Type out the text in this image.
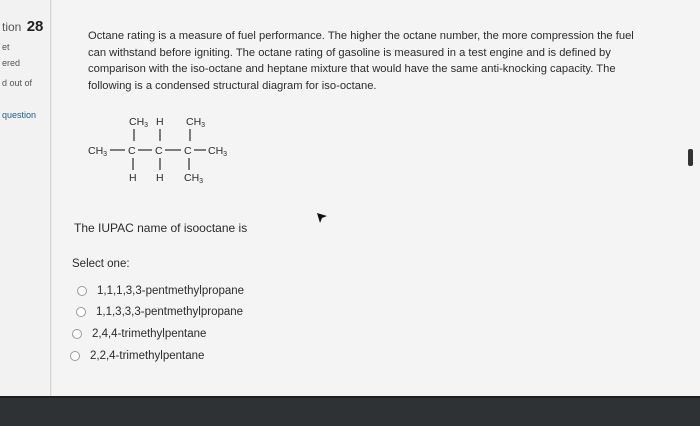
tion 28
et
ered
d out of
question
Octane rating is a measure of fuel performance. The higher the octane number, the more compression the fuel can withstand before igniting. The octane rating of gasoline is measured in a test engine and is defined by comparison with the iso-octane and heptane mixture that would have the same anti-knocking capacity. The following is a condensed structural diagram for iso-octane.
CH3 H CH3
CH3 C C C CH3
H H CH3
The IUPAC name of isooctane is
Select one:
1,1,1,3,3-pentmethylpropane
1,1,3,3,3-pentmethylpropane
2,4,4-trimethylpentane
2,2,4-trimethylpentane
